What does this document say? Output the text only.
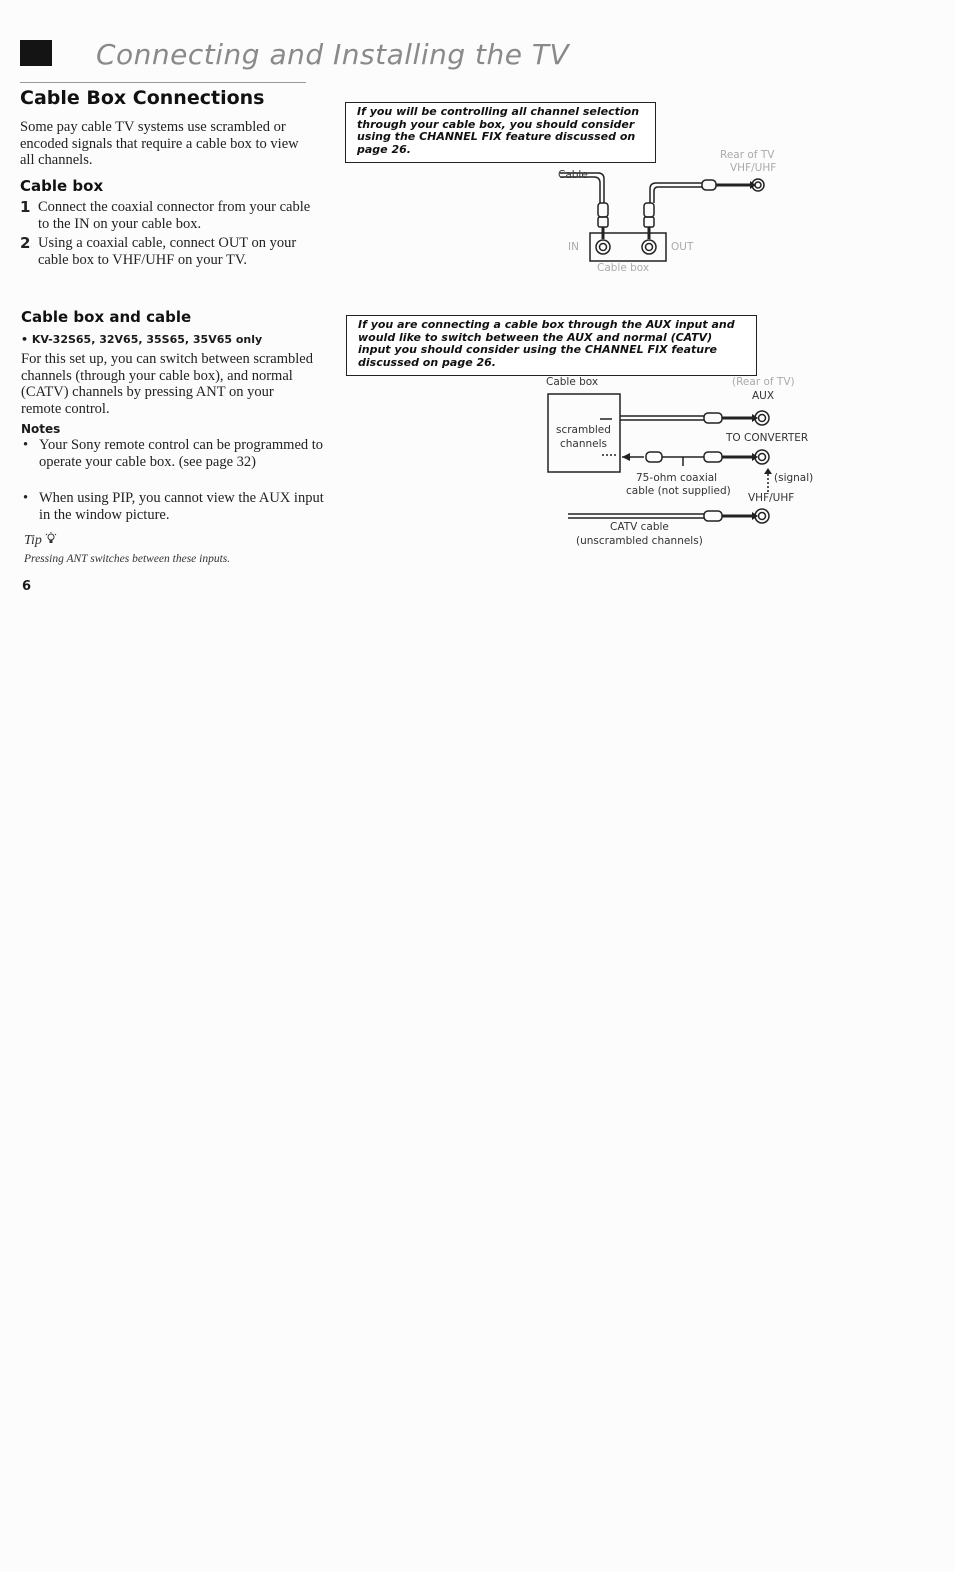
Connecting and Installing the TV
Cable Box Connections
Some pay cable TV systems use scrambled or encoded signals that require a cable box to view all channels.
Cable box
1 Connect the coaxial connector from your cable to the IN on your cable box.
2 Using a coaxial cable, connect OUT on your cable box to VHF/UHF on your TV.
Cable box and cable
• KV-32S65, 32V65, 35S65, 35V65 only
For this set up, you can switch between scrambled channels (through your cable box), and normal (CATV) channels by pressing ANT on your remote control.
Notes
• Your Sony remote control can be programmed to operate your cable box. (see page 32)
• When using PIP, you cannot view the AUX input in the window picture.
Tip
Pressing ANT switches between these inputs.
6
If you will be controlling all channel selection through your cable box, you should consider using the CHANNEL FIX feature discussed on page 26.
If you are connecting a cable box through the AUX input and would like to switch between the AUX and normal (CATV) input you should consider using the CHANNEL FIX feature discussed on page 26.
Cable
Rear of TV
VHF/UHF
IN	OUT
Cable box
Cable box
scrambled
channels
(Rear of TV)
AUX
TO CONVERTER
(signal)
75-ohm coaxial
cable (not supplied)
VHF/UHF
CATV cable
(unscrambled channels)
